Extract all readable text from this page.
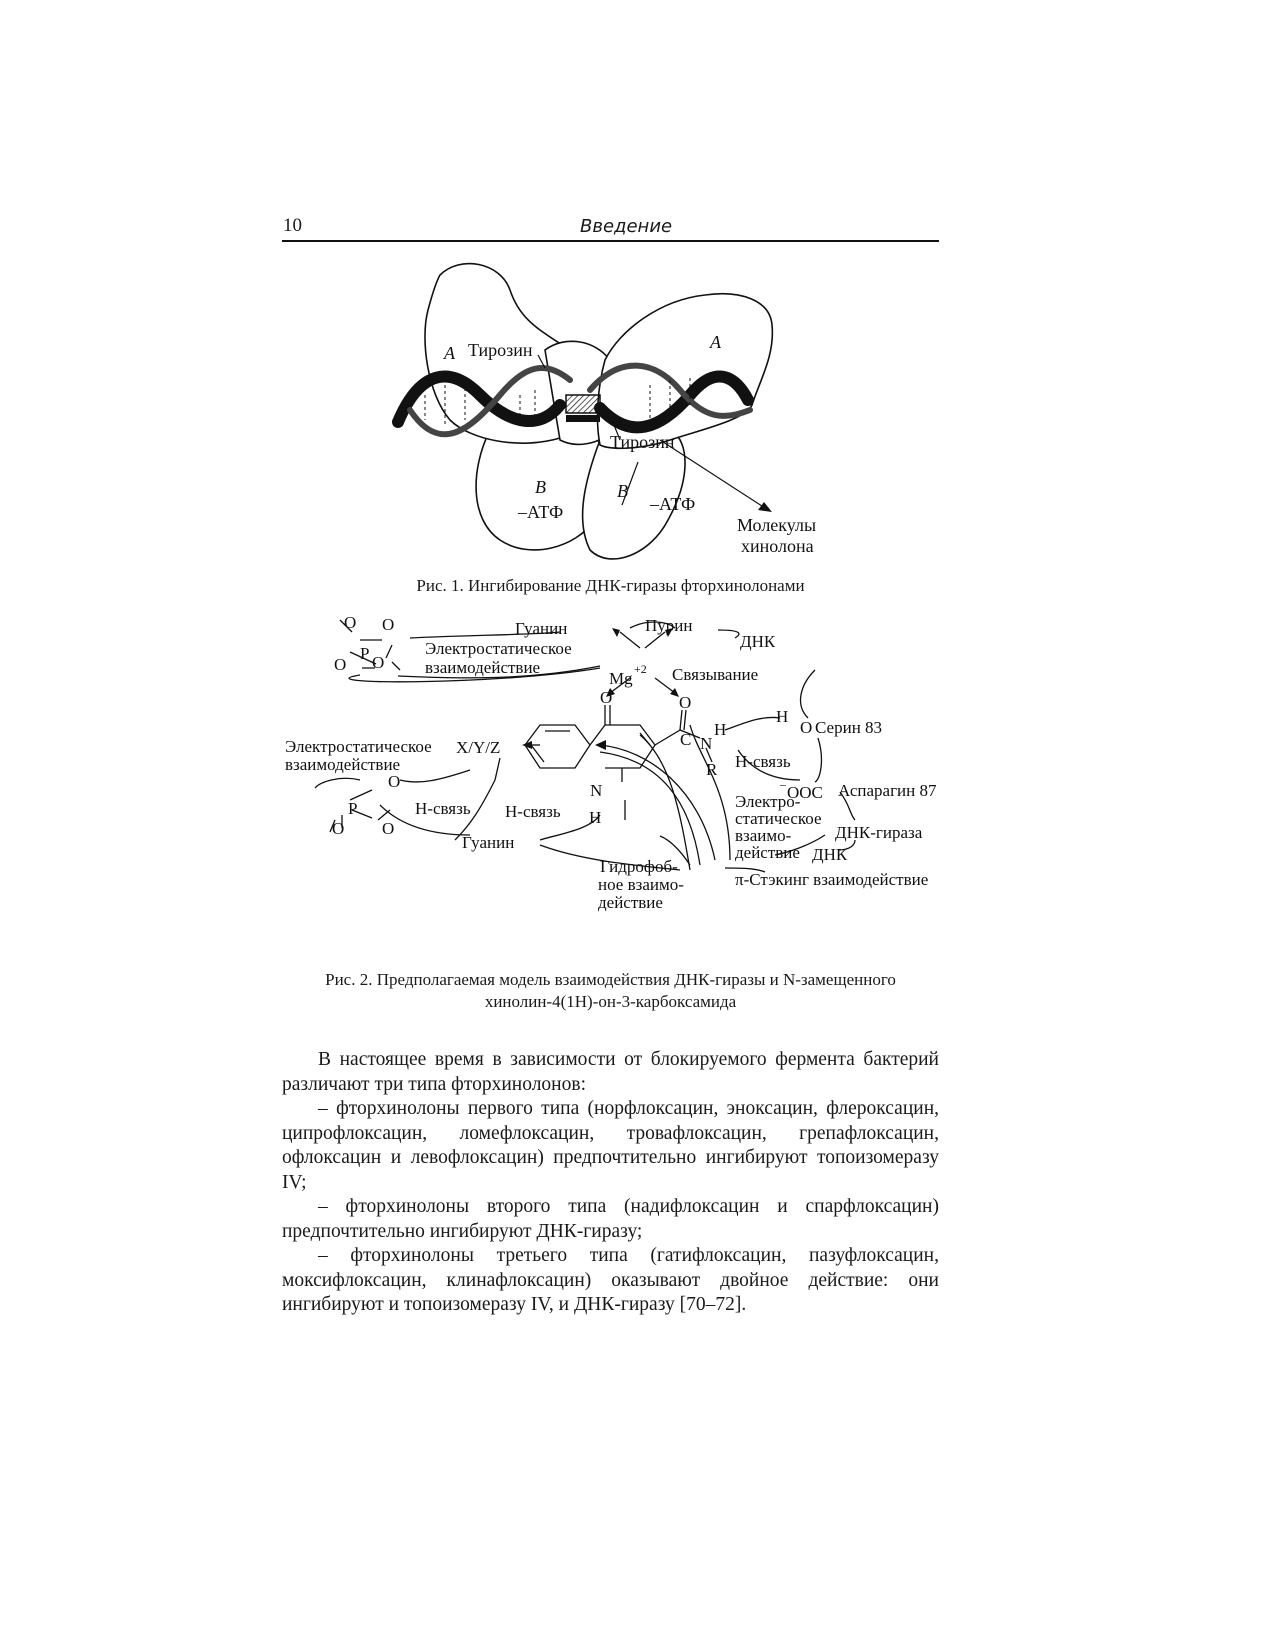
10	Введение
A Тирозин	A
Тирозин
B
–АТФ
B
–АТФ
Молекулы
хинолона
Рис. 1. Ингибирование ДНК-гиразы фторхинолонами
O O
P
O O
Гуанин	Пурин
ДНК
Электростатическое
взаимодействие
Mg +2 Связывание
O	O
C N
R
H
H
O Серин 83
H-связь
OOC
–	Аспарагин 87
Электростатическое
взаимодействие
X/Y/Z
O
P
O O
H-связь H-связь
N
H
Гуанин
Электро-
статическое
взаимо-
действие
ДНК-гираза
ДНК
Гидрофоб-
ное взаимо-
действие
π-Стэкинг взаимодействие
Рис. 2. Предполагаемая модель взаимодействия ДНК-гиразы и N-замещенного
хинолин-4(1H)-он-3-карбоксамида

В настоящее время в зависимости от блокируемого фермента бактерий различают три типа фторхинолонов:

– фторхинолоны первого типа (норфлоксацин, эноксацин, флероксацин, ципрофлоксацин, ломефлоксацин, тровафлоксацин, грепафлоксацин, офлоксацин и левофлоксацин) предпочтительно ингибируют топоизомеразу IV;

– фторхинолоны второго типа (надифлоксацин и спарфлоксацин) предпочтительно ингибируют ДНК-гиразу;

– фторхинолоны третьего типа (гатифлоксацин, пазуфлоксацин, моксифлоксацин, клинафлоксацин) оказывают двойное действие: они ингибируют и топоизомеразу IV, и ДНК-гиразу [70–72].
